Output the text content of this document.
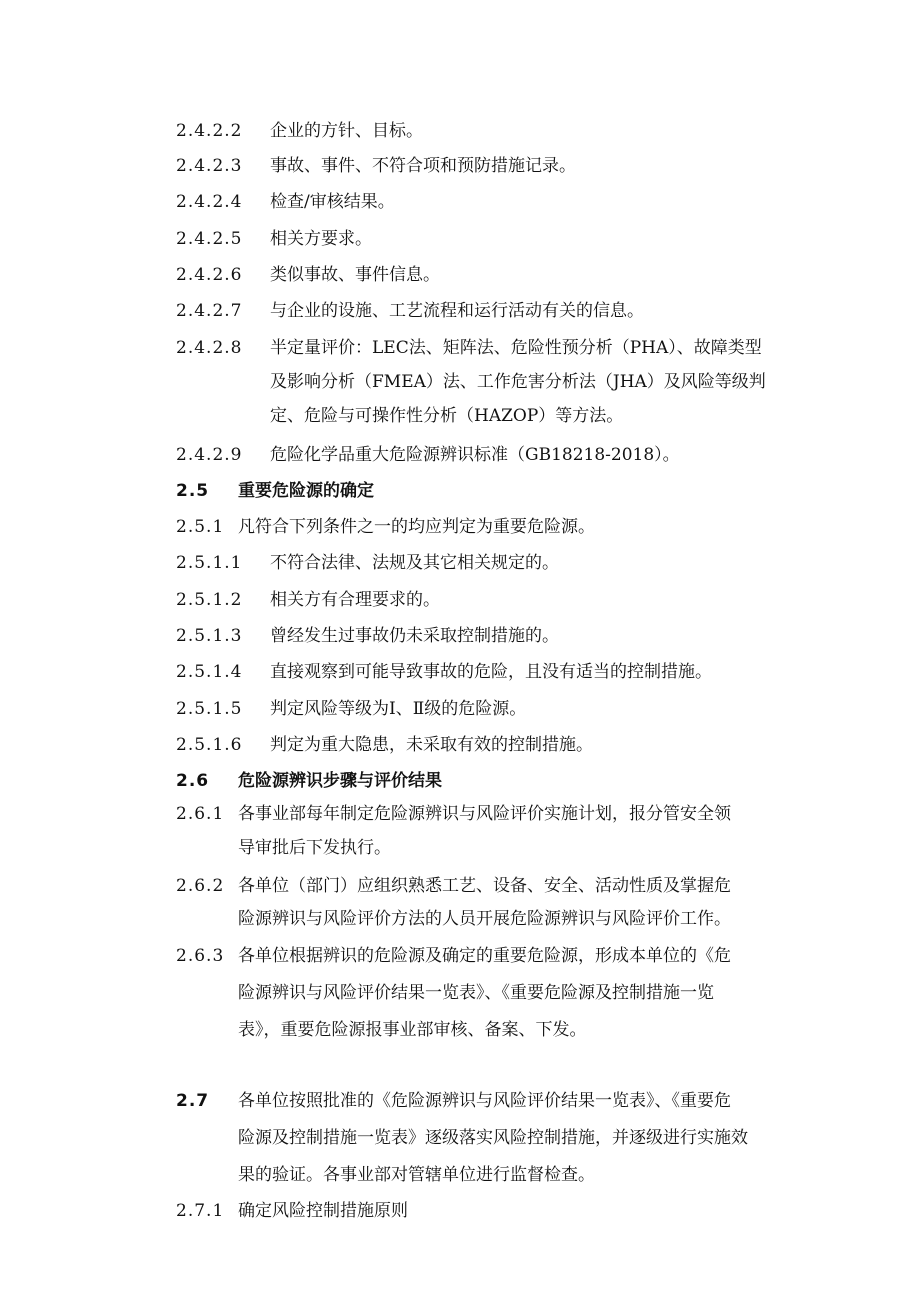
2.4.2.2 企业的方针、目标。
2.4.2.3 事故、事件、不符合项和预防措施记录。
2.4.2.4 检查/审核结果。
2.4.2.5 相关方要求。
2.4.2.6 类似事故、事件信息。
2.4.2.7 与企业的设施、工艺流程和运行活动有关的信息。
2.4.2.8 半定量评价：LEC法、矩阵法、危险性预分析（PHA）、故障类型
及影响分析（FMEA）法、工作危害分析法（JHA）及风险等级判
定、危险与可操作性分析（HAZOP）等方法。
2.4.2.9 危险化学品重大危险源辨识标准（GB18218-2018）。
2.5 重要危险源的确定
2.5.1 凡符合下列条件之一的均应判定为重要危险源。
2.5.1.1 不符合法律、法规及其它相关规定的。
2.5.1.2 相关方有合理要求的。
2.5.1.3 曾经发生过事故仍未采取控制措施的。
2.5.1.4 直接观察到可能导致事故的危险，且没有适当的控制措施。
2.5.1.5 判定风险等级为Ⅰ、Ⅱ级的危险源。
2.5.1.6 判定为重大隐患，未采取有效的控制措施。
2.6 危险源辨识步骤与评价结果
2.6.1 各事业部每年制定危险源辨识与风险评价实施计划，报分管安全领
导审批后下发执行。
2.6.2 各单位（部门）应组织熟悉工艺、设备、安全、活动性质及掌握危
险源辨识与风险评价方法的人员开展危险源辨识与风险评价工作。
2.6.3 各单位根据辨识的危险源及确定的重要危险源，形成本单位的《危
险源辨识与风险评价结果一览表》、《重要危险源及控制措施一览
表》，重要危险源报事业部审核、备案、下发。
2.7 各单位按照批准的《危险源辨识与风险评价结果一览表》、《重要危
险源及控制措施一览表》逐级落实风险控制措施，并逐级进行实施效
果的验证。各事业部对管辖单位进行监督检查。
2.7.1 确定风险控制措施原则
